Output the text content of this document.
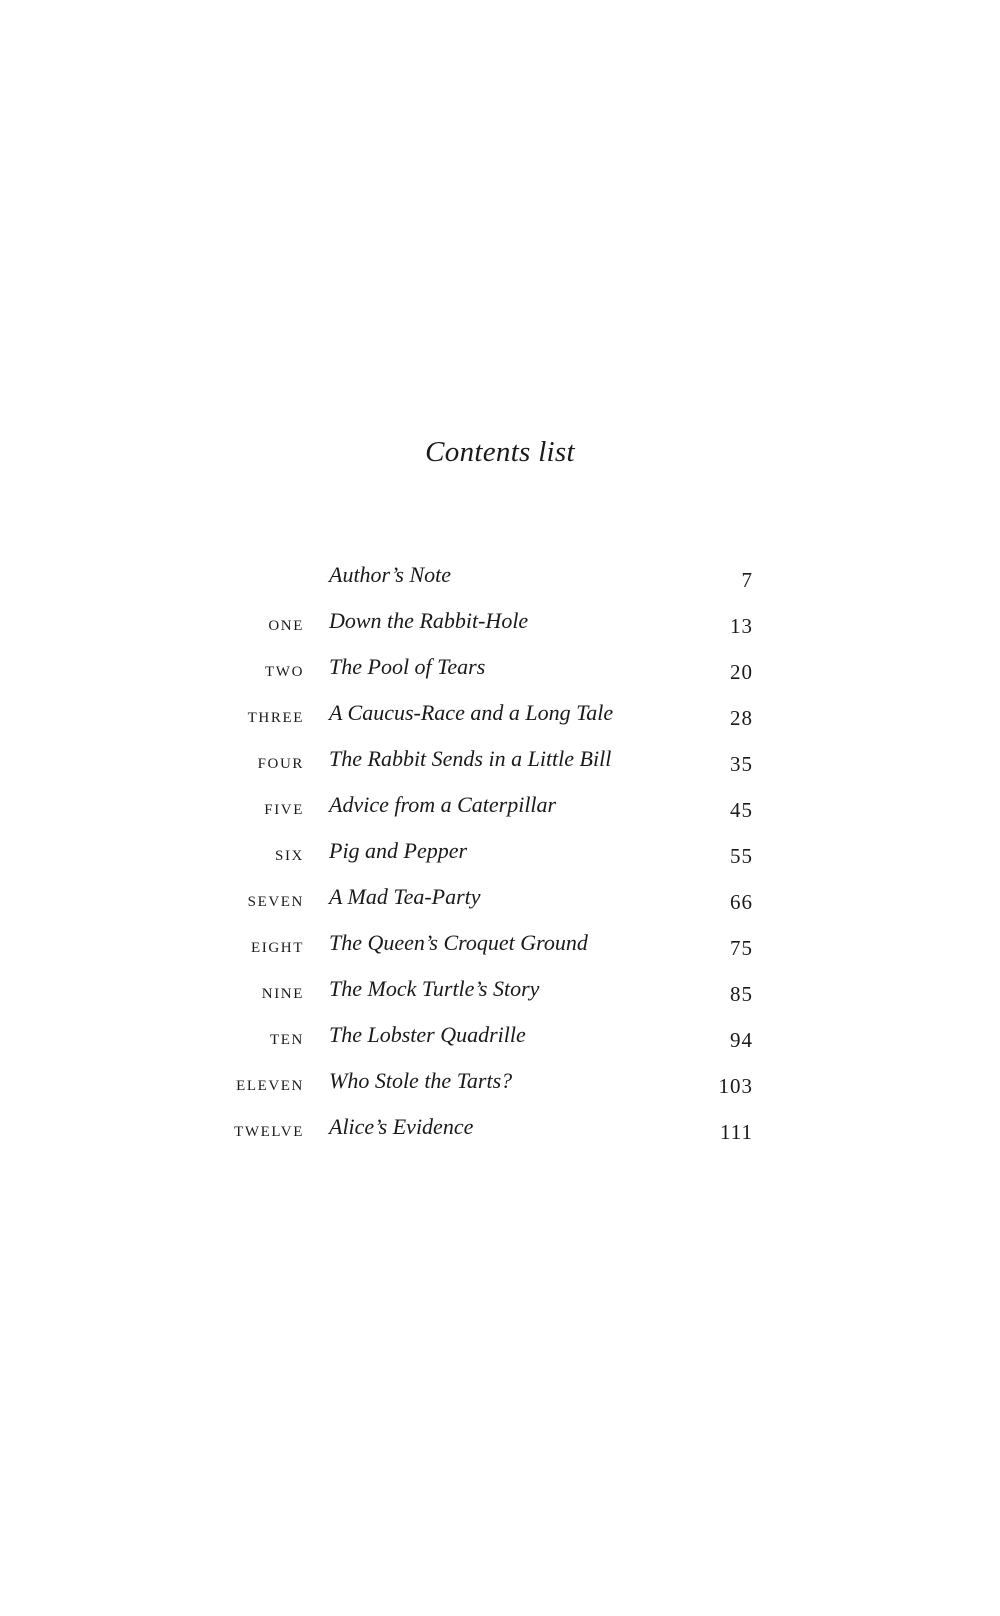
Contents list
Author’s Note	7
ONE Down the Rabbit-Hole	13
TWO The Pool of Tears	20
THREE A Caucus-Race and a Long Tale	28
FOUR The Rabbit Sends in a Little Bill	35
FIVE Advice from a Caterpillar	45
SIX Pig and Pepper	55
SEVEN A Mad Tea-Party	66
EIGHT The Queen’s Croquet Ground	75
NINE The Mock Turtle’s Story	85
TEN The Lobster Quadrille	94
ELEVEN Who Stole the Tarts?	103
TWELVE Alice’s Evidence	111
